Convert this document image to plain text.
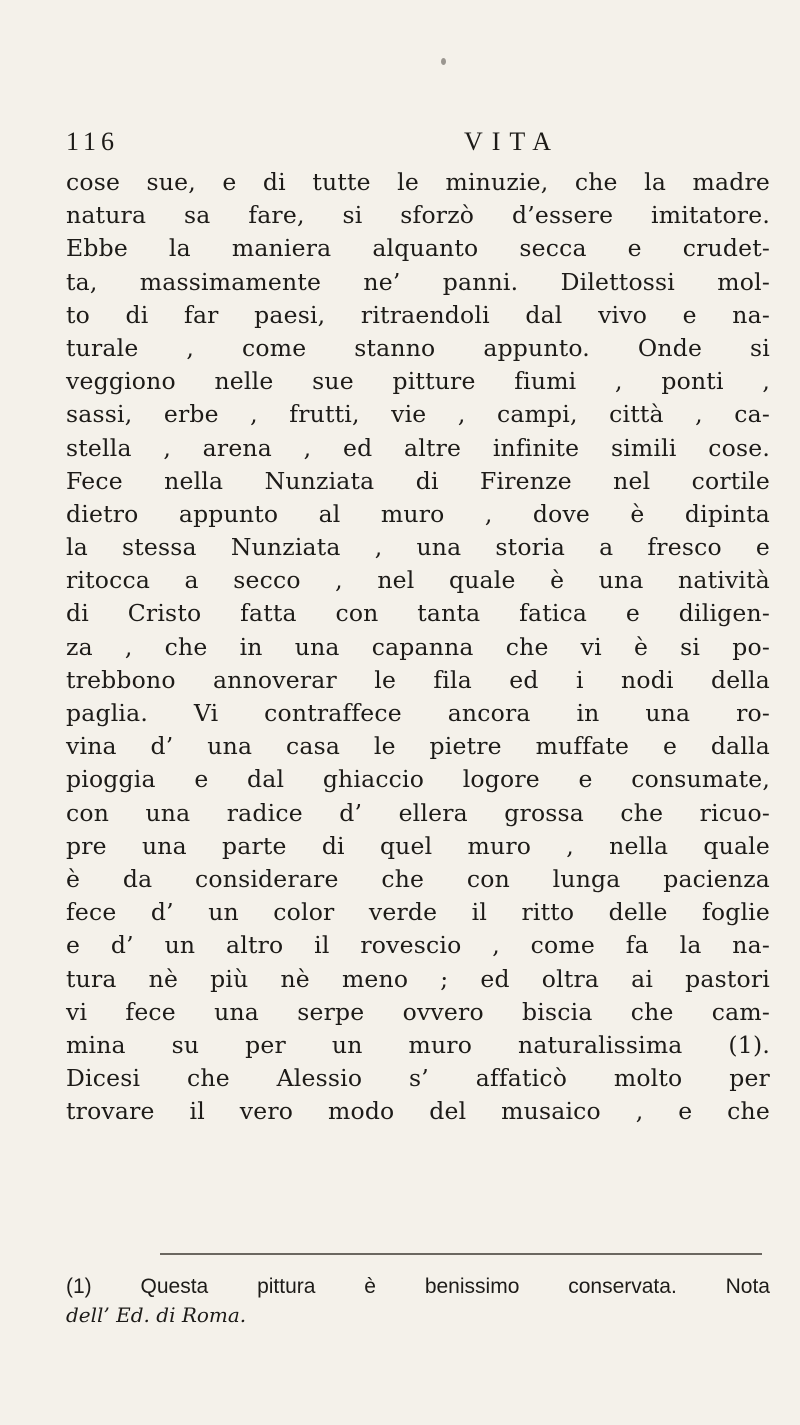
116	VITA
cose sue, e di tutte le minuzie, che la madre
natura sa fare, si sforzò d’essere imitatore.
Ebbe la maniera alquanto secca e crudet-
ta, massimamente ne’ panni. Dilettossi mol-
to di far paesi, ritraendoli dal vivo e na-
turale , come stanno appunto. Onde si
veggiono nelle sue pitture fiumi , ponti ,
sassi, erbe , frutti, vie , campi, città , ca-
stella , arena , ed altre infinite simili cose.
Fece nella Nunziata di Firenze nel cortile
dietro appunto al muro , dove è dipinta
la stessa Nunziata , una storia a fresco e
ritocca a secco , nel quale è una natività
di Cristo fatta con tanta fatica e diligen-
za , che in una capanna che vi è si po-
trebbono annoverar le fila ed i nodi della
paglia. Vi contraffece ancora in una ro-
vina d’ una casa le pietre muffate e dalla
pioggia e dal ghiaccio logore e consumate,
con una radice d’ ellera grossa che ricuo-
pre una parte di quel muro , nella quale
è da considerare che con lunga pacienza
fece d’ un color verde il ritto delle foglie
e d’ un altro il rovescio , come fa la na-
tura nè più nè meno ; ed oltra ai pastori
vi fece una serpe ovvero biscia che cam-
mina su per un muro naturalissima (1).
Dicesi che Alessio s’ affaticò molto per
trovare il vero modo del musaico , e che
(1) Questa pittura è benissimo conservata. Nota
dell’ Ed. di Roma.
